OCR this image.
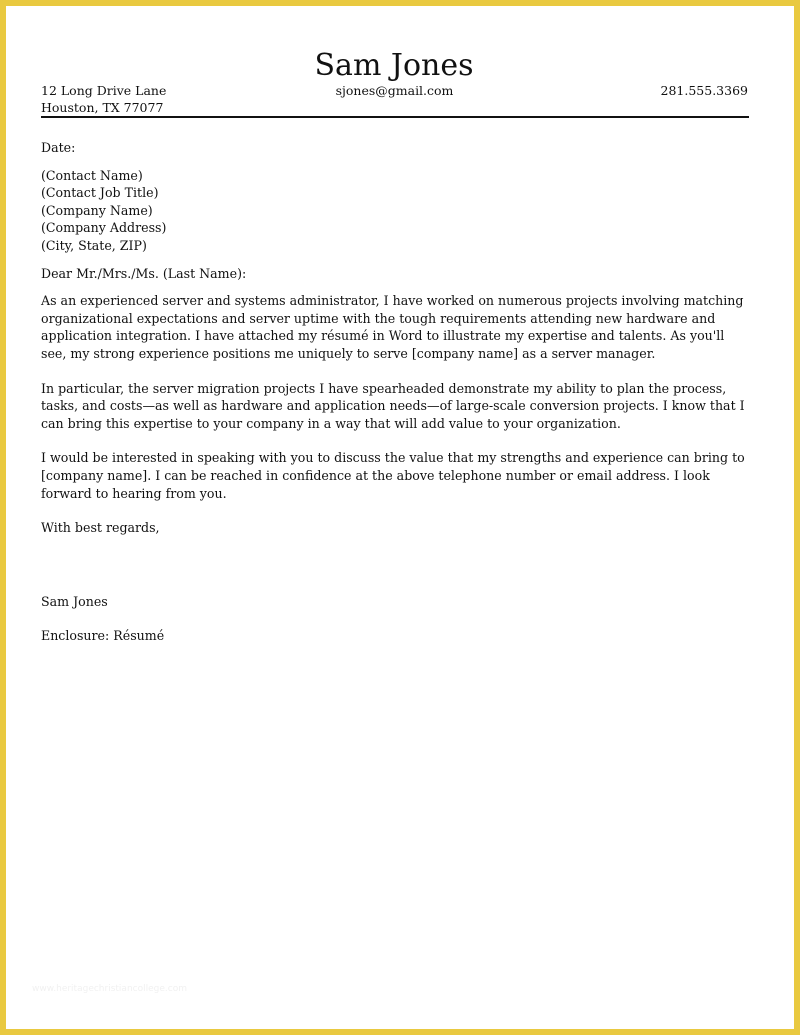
Sam Jones
12 Long Drive Lane
Houston, TX 77077
sjones@gmail.com	281.555.3369

Date:

(Contact Name)

(Contact Job Title)

(Company Name)

(Company Address)

(City, State, ZIP)

Dear Mr./Mrs./Ms. (Last Name):

As an experienced server and systems administrator, I have worked on numerous projects involving matching organizational expectations and server uptime with the tough requirements attending new hardware and application integration. I have attached my résumé in Word to illustrate my expertise and talents. As you'll see, my strong experience positions me uniquely to serve [company name] as a server manager.

In particular, the server migration projects I have spearheaded demonstrate my ability to plan the process, tasks, and costs—as well as hardware and application needs—of large-scale conversion projects. I know that I can bring this expertise to your company in a way that will add value to your organization.

I would be interested in speaking with you to discuss the value that my strengths and experience can bring to [company name]. I can be reached in confidence at the above telephone number or email address. I look forward to hearing from you.

With best regards,

Sam Jones

Enclosure: Résumé

www.heritagechristiancollege.com
